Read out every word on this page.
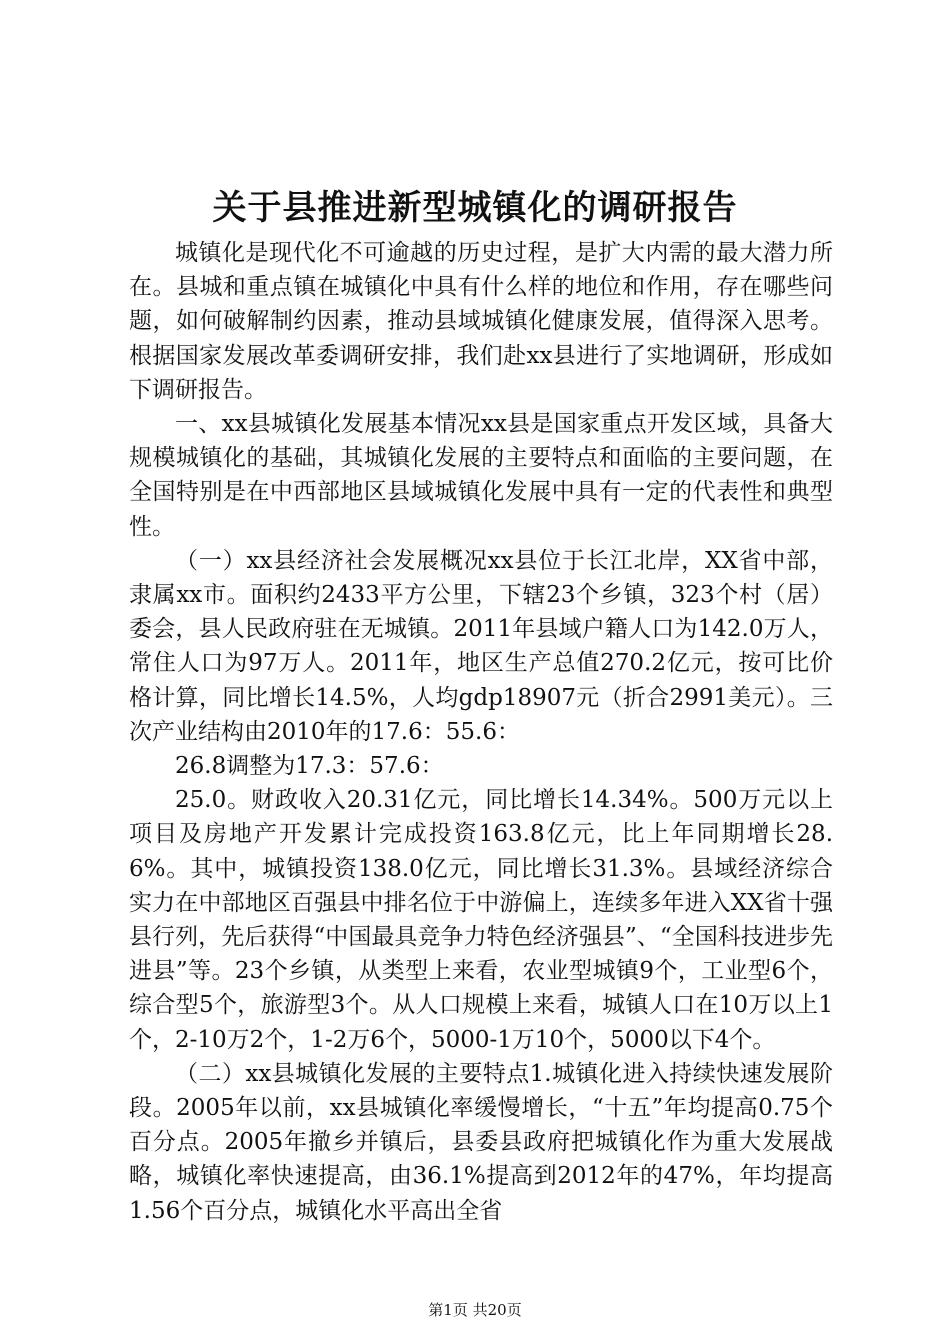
关于县推进新型城镇化的调研报告

城镇化是现代化不可逾越的历史过程，是扩大内需的最大潜力所在。县城和重点镇在城镇化中具有什么样的地位和作用，存在哪些问题，如何破解制约因素，推动县域城镇化健康发展，值得深入思考。根据国家发展改革委调研安排，我们赴xx县进行了实地调研，形成如下调研报告。

一、xx县城镇化发展基本情况xx县是国家重点开发区域，具备大规模城镇化的基础，其城镇化发展的主要特点和面临的主要问题，在全国特别是在中西部地区县域城镇化发展中具有一定的代表性和典型性。

（一）xx县经济社会发展概况xx县位于长江北岸，XX省中部，隶属xx市。面积约2433平方公里，下辖23个乡镇，323个村（居）委会，县人民政府驻在无城镇。2011年县域户籍人口为142.0万人，常住人口为97万人。2011年，地区生产总值270.2亿元，按可比价格计算，同比增长14.5%，人均gdp18907元（折合2991美元）。三次产业结构由2010年的17.6：55.6：

26.8调整为17.3：57.6：

25.0。财政收入20.31亿元，同比增长14.34%。500万元以上项目及房地产开发累计完成投资163.8亿元，比上年同期增长28.6%。其中，城镇投资138.0亿元，同比增长31.3%。县域经济综合实力在中部地区百强县中排名位于中游偏上，连续多年进入XX省十强县行列，先后获得“中国最具竞争力特色经济强县”、“全国科技进步先进县”等。23个乡镇，从类型上来看，农业型城镇9个，工业型6个，综合型5个，旅游型3个。从人口规模上来看，城镇人口在10万以上1个，2-10万2个，1-2万6个，5000-1万10个，5000以下4个。

（二）xx县城镇化发展的主要特点1.城镇化进入持续快速发展阶段。2005年以前，xx县城镇化率缓慢增长，“十五”年均提高0.75个百分点。2005年撤乡并镇后，县委县政府把城镇化作为重大发展战略，城镇化率快速提高，由36.1%提高到2012年的47%，年均提高1.56个百分点，城镇化水平高出全省

第1页 共20页
